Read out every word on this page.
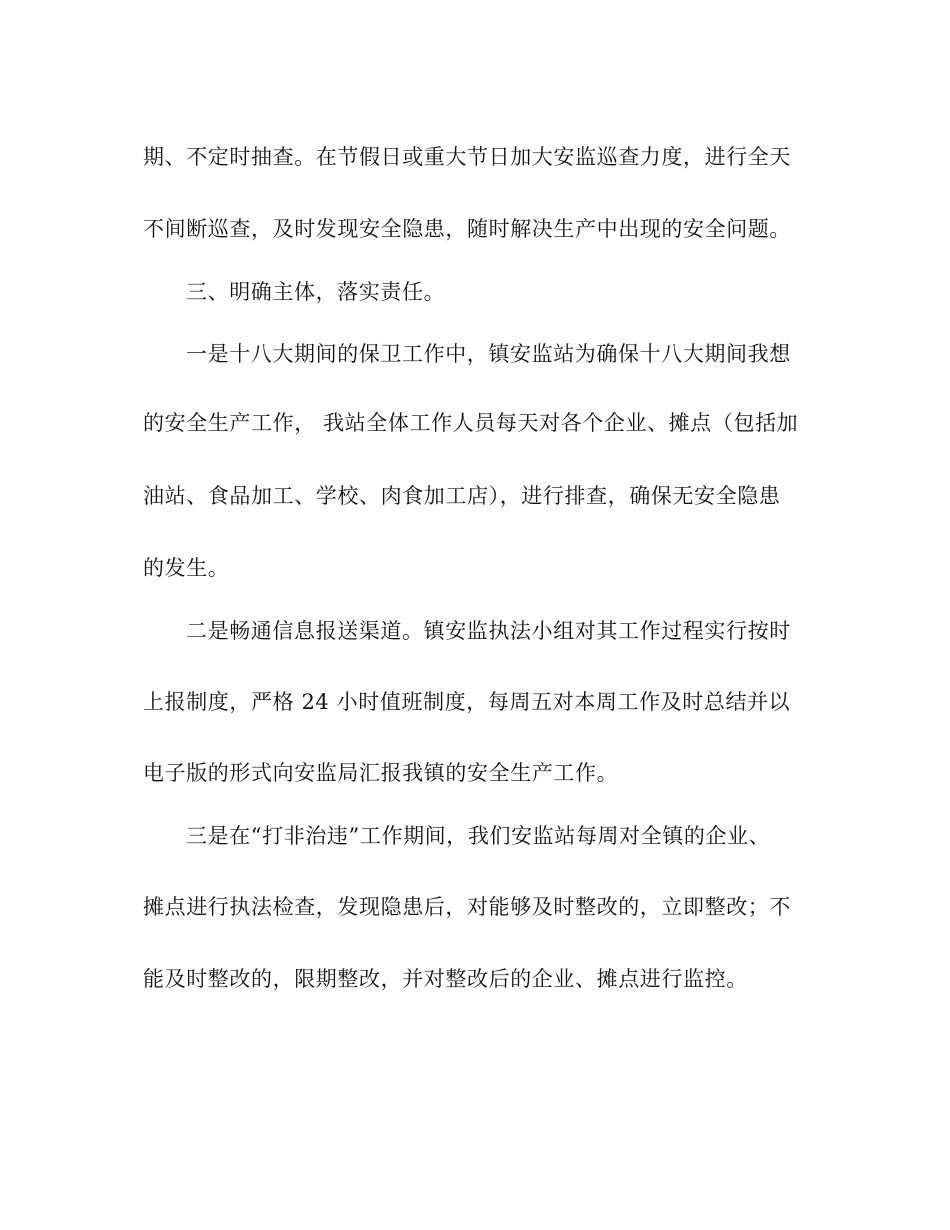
期、不定时抽查。在节假日或重大节日加大安监巡查力度，进行全天
不间断巡查，及时发现安全隐患，随时解决生产中出现的安全问题。
三、明确主体，落实责任。
一是十八大期间的保卫工作中，镇安监站为确保十八大期间我想
的安全生产工作， 我站全体工作人员每天对各个企业、摊点（包括加
油站、食品加工、学校、肉食加工店），进行排查，确保无安全隐患
的发生。
二是畅通信息报送渠道。镇安监执法小组对其工作过程实行按时
上报制度，严格 24 小时值班制度，每周五对本周工作及时总结并以
电子版的形式向安监局汇报我镇的安全生产工作。
三是在“打非治违”工作期间，我们安监站每周对全镇的企业、
摊点进行执法检查，发现隐患后，对能够及时整改的，立即整改；不
能及时整改的，限期整改，并对整改后的企业、摊点进行监控。
